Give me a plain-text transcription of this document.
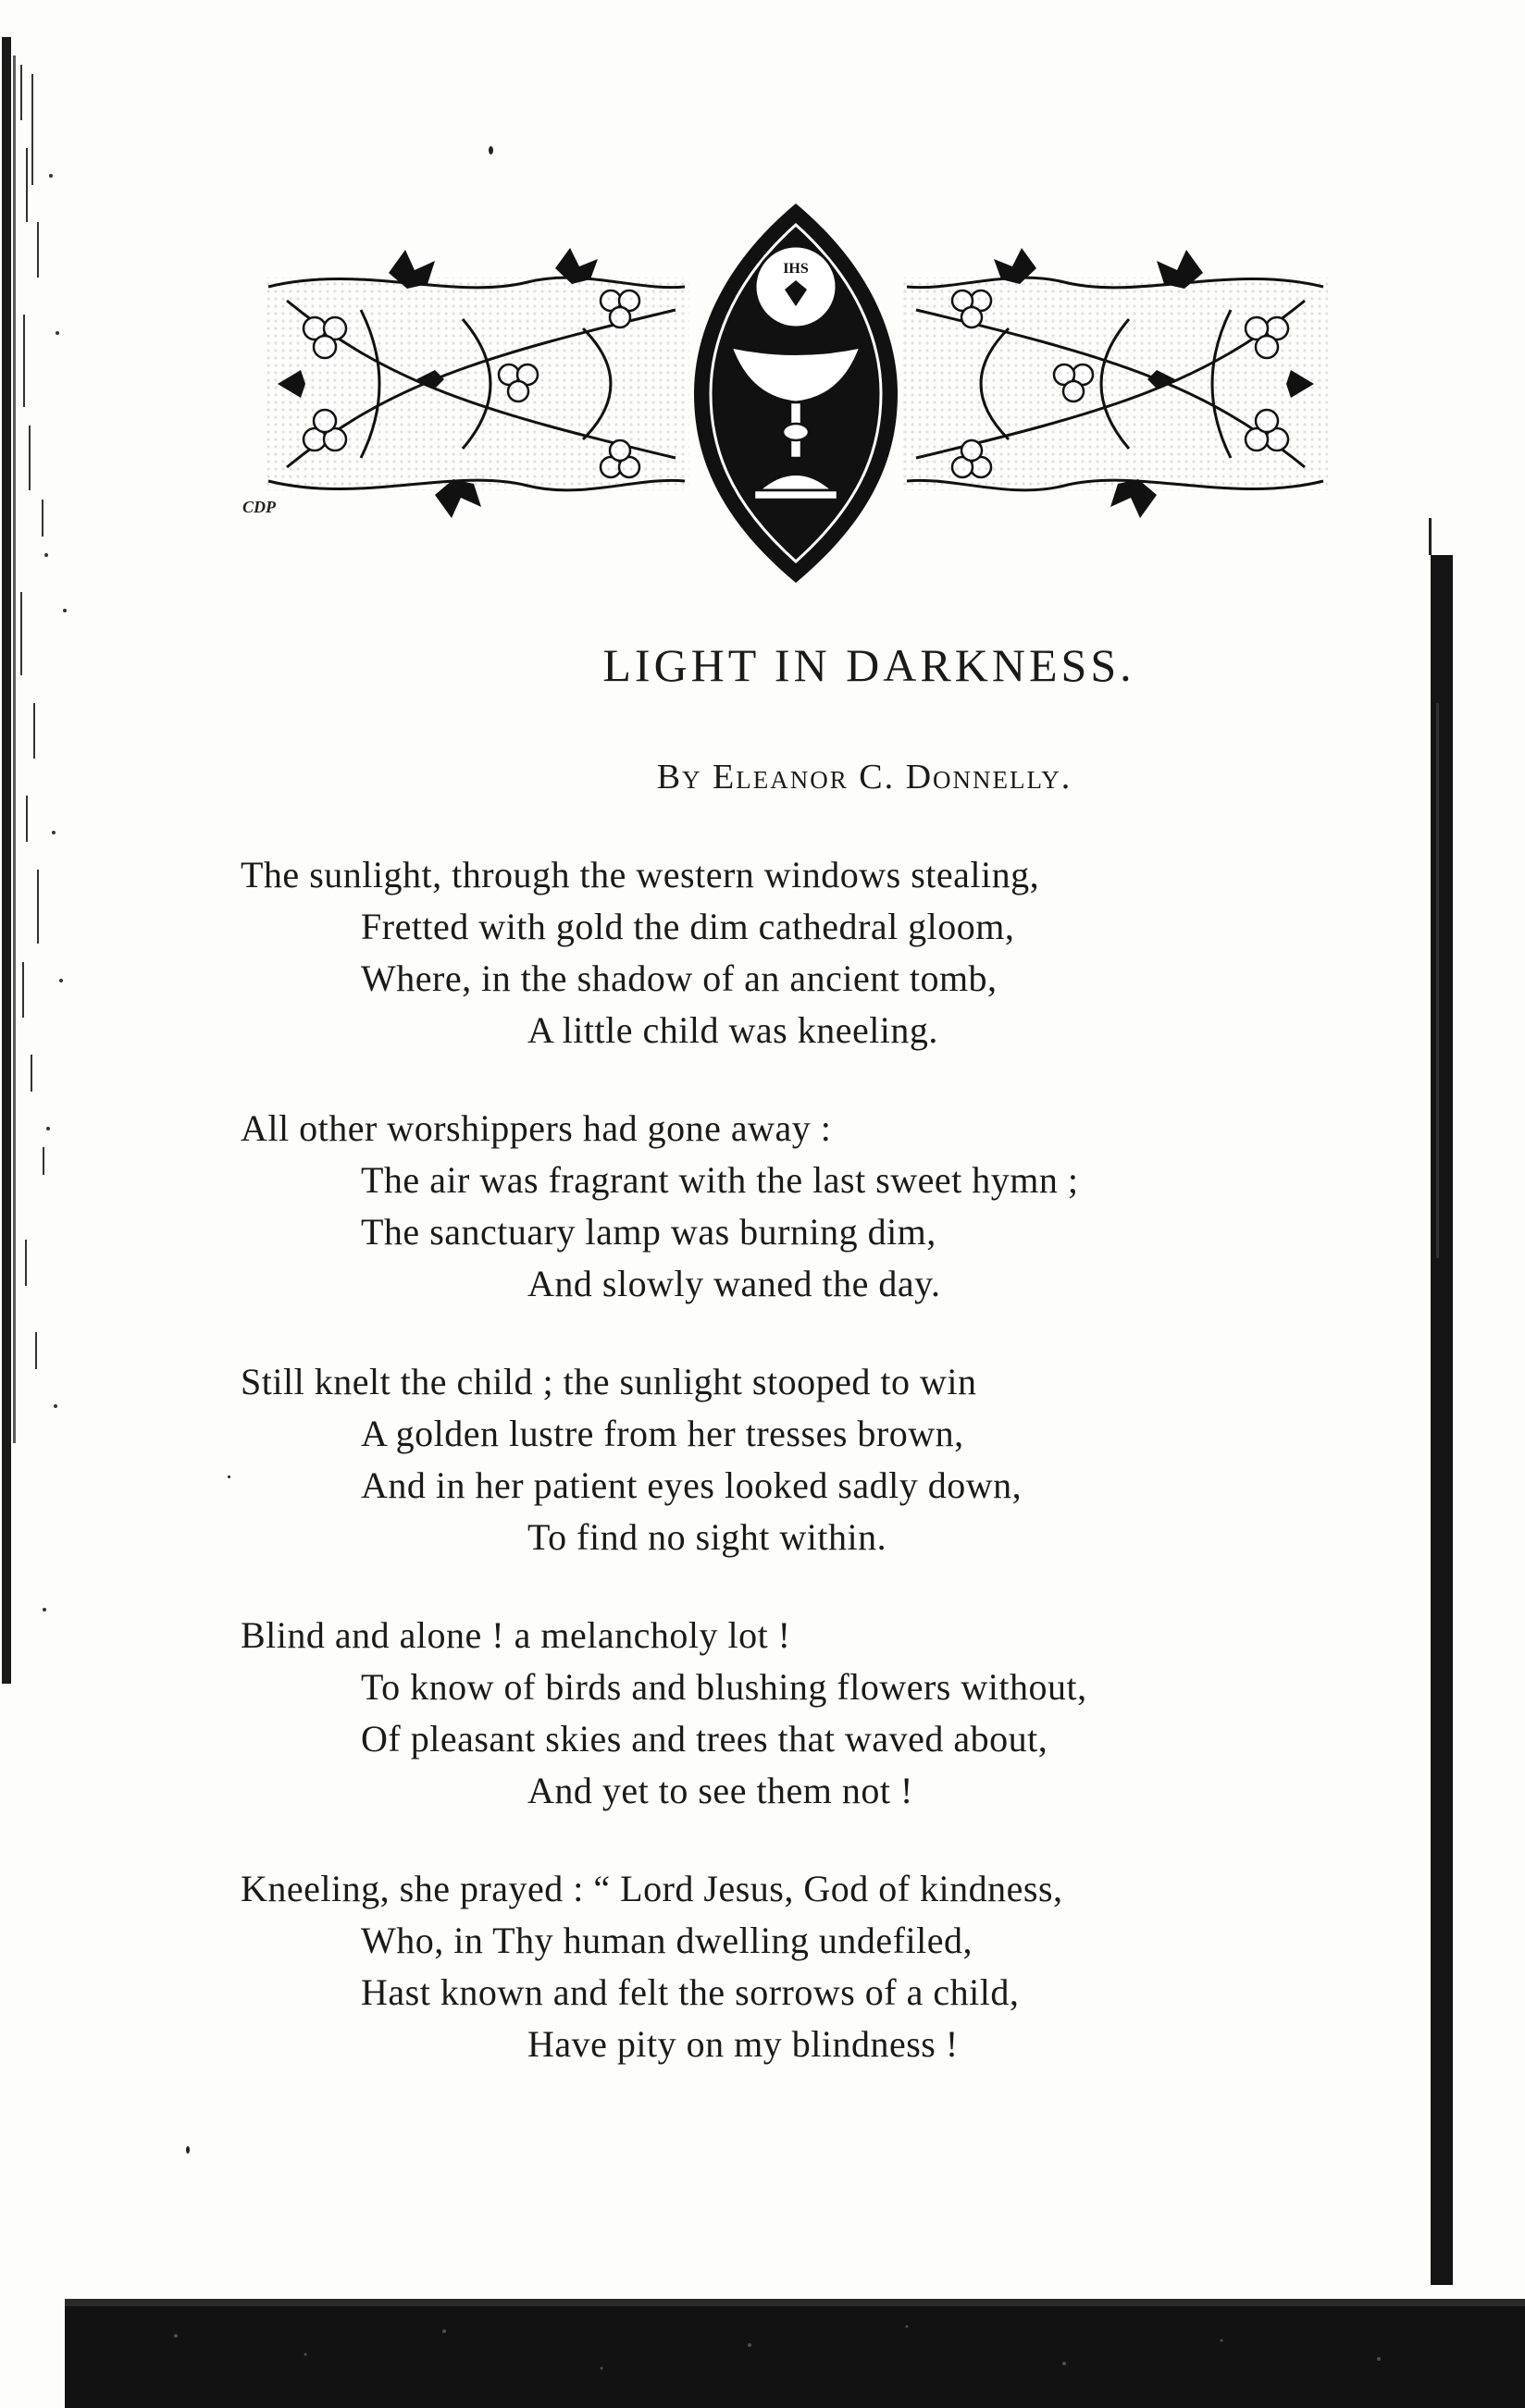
IHS
CDP
LIGHT IN DARKNESS.
By Eleanor C. Donnelly.
The sunlight, through the western windows stealing,
Fretted with gold the dim cathedral gloom,
Where, in the shadow of an ancient tomb,
A little child was kneeling.
All other worshippers had gone away :
The air was fragrant with the last sweet hymn ;
The sanctuary lamp was burning dim,
And slowly waned the day.
Still knelt the child ; the sunlight stooped to win
A golden lustre from her tresses brown,
And in her patient eyes looked sadly down,
To find no sight within.
Blind and alone ! a melancholy lot !
To know of birds and blushing flowers without,
Of pleasant skies and trees that waved about,
And yet to see them not !
Kneeling, she prayed : “ Lord Jesus, God of kindness,
Who, in Thy human dwelling undefiled,
Hast known and felt the sorrows of a child,
Have pity on my blindness !
